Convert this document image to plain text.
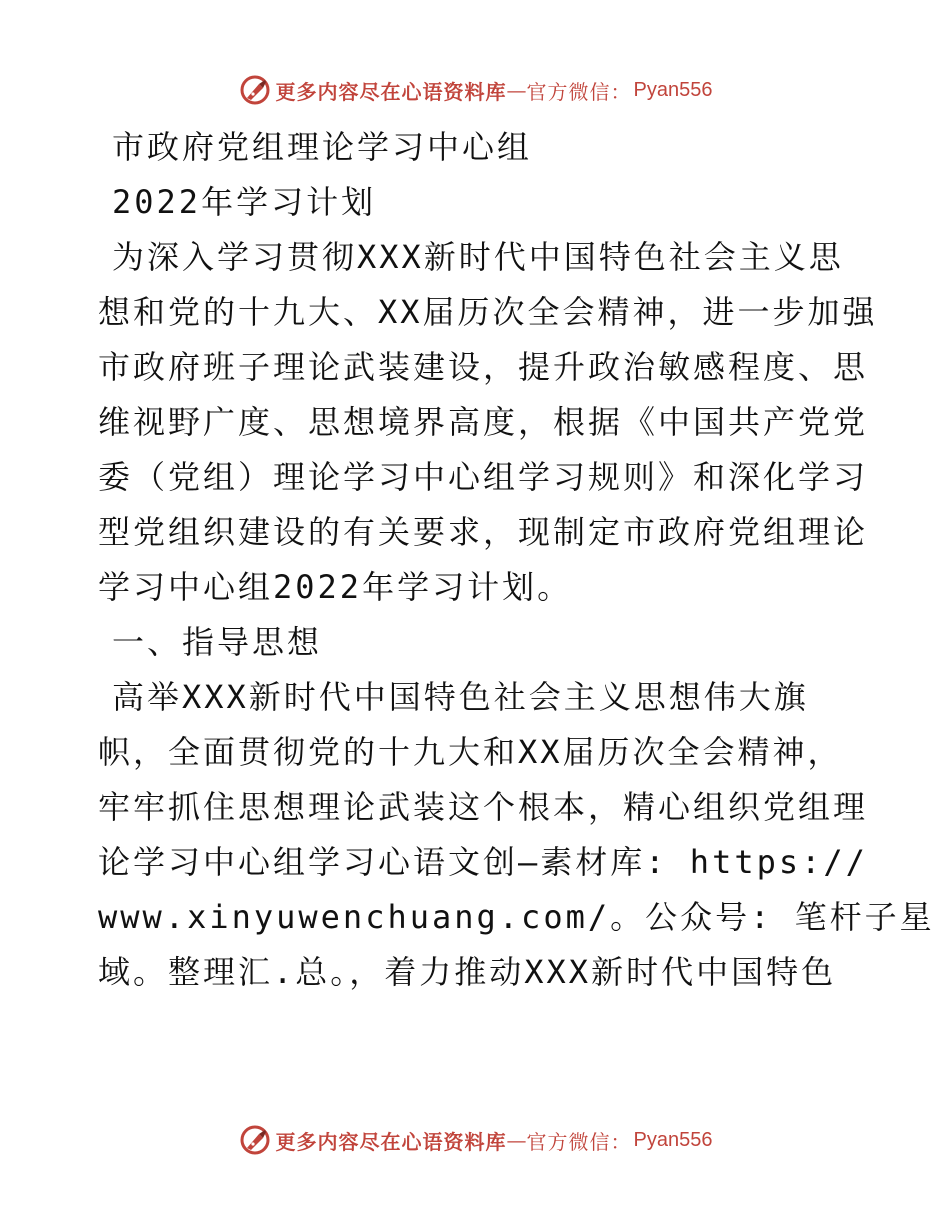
更多内容尽在心语资料库 — 官方微信： Pyan556
市政府党组理论学习中心组
2022年学习计划
为深入学习贯彻XXX新时代中国特色社会主义思
想和党的十九大、XX届历次全会精神，进一步加强
市政府班子理论武装建设，提升政治敏感程度、思
维视野广度、思想境界高度，根据《中国共产党党
委（党组）理论学习中心组学习规则》和深化学习
型党组织建设的有关要求，现制定市政府党组理论
学习中心组2022年学习计划。
一、指导思想
高举XXX新时代中国特色社会主义思想伟大旗
帜，全面贯彻党的十九大和XX届历次全会精神，
牢牢抓住思想理论武装这个根本，精心组织党组理
论学习中心组学习心语文创—素材库: https://
www.xinyuwenchuang.com/。公众号: 笔杆子星
域。整理汇.总。，着力推动XXX新时代中国特色
更多内容尽在心语资料库 — 官方微信： Pyan556
